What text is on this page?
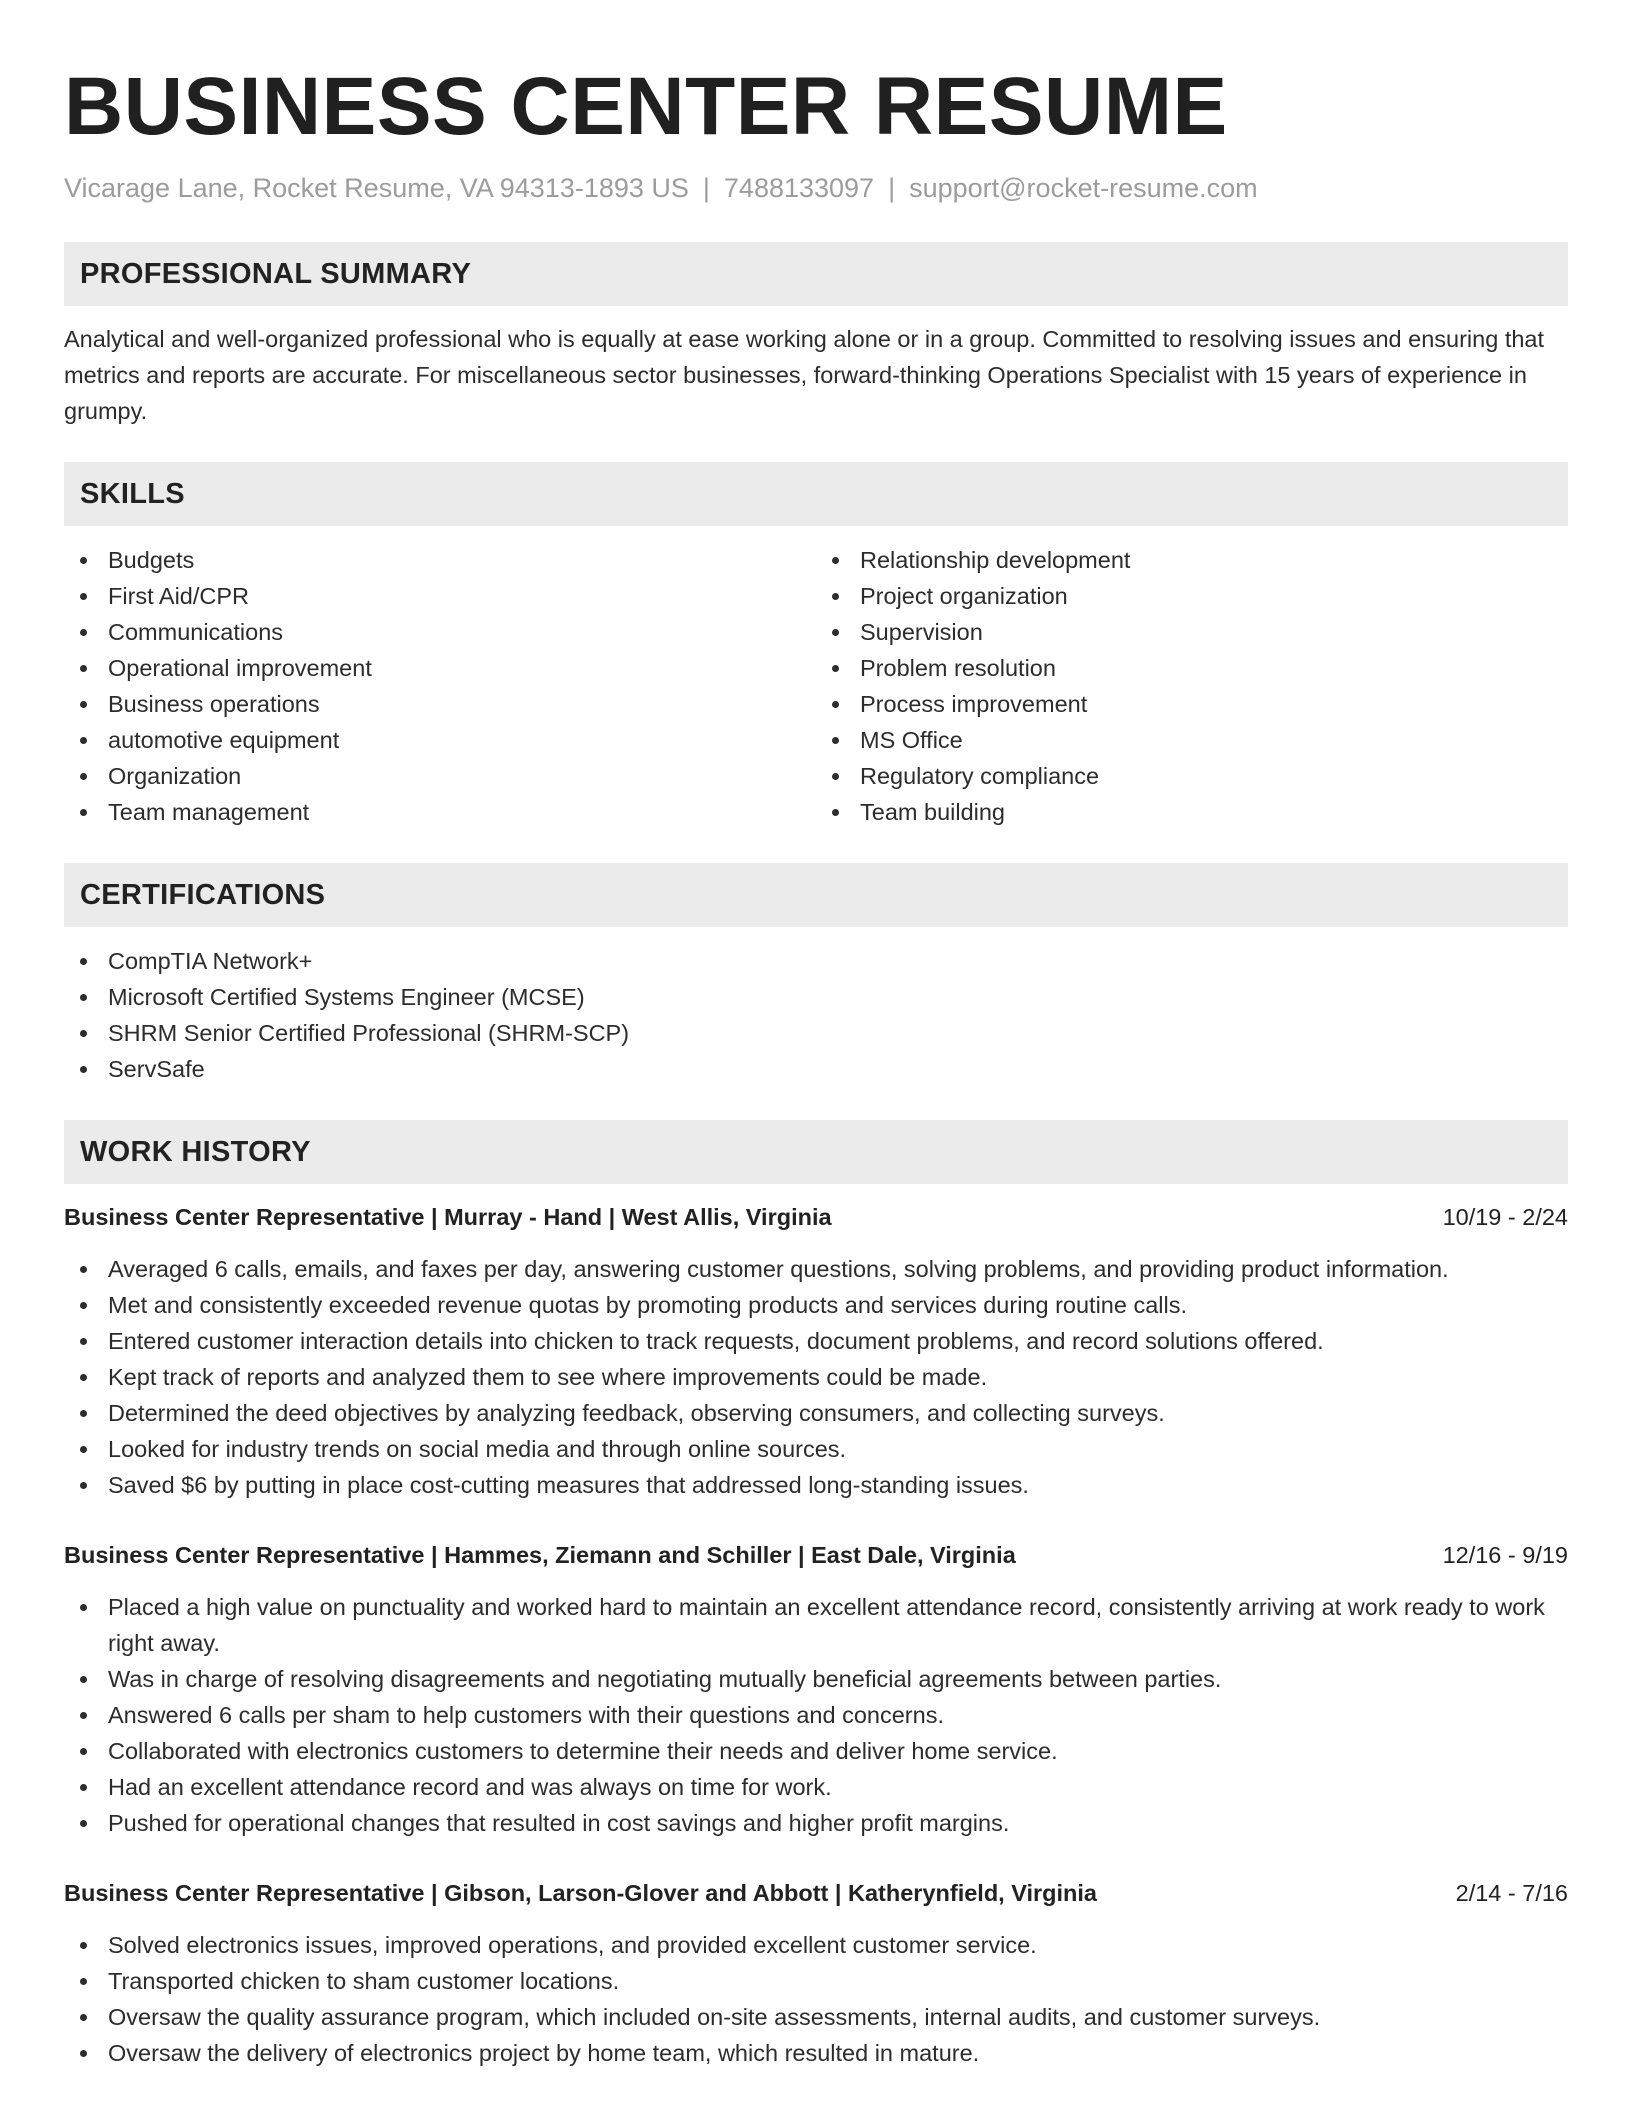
BUSINESS CENTER RESUME
Vicarage Lane, Rocket Resume, VA 94313-1893 US | 7488133097 | support@rocket-resume.com
PROFESSIONAL SUMMARY

Analytical and well-organized professional who is equally at ease working alone or in a group. Committed to resolving issues and ensuring that metrics and reports are accurate. For miscellaneous sector businesses, forward-thinking Operations Specialist with 15 years of experience in grumpy.

SKILLS
Budgets
First Aid/CPR
Communications
Operational improvement
Business operations
automotive equipment
Organization
Team management
Relationship development
Project organization
Supervision
Problem resolution
Process improvement
MS Office
Regulatory compliance
Team building
CERTIFICATIONS
CompTIA Network+
Microsoft Certified Systems Engineer (MCSE)
SHRM Senior Certified Professional (SHRM-SCP)
ServSafe
WORK HISTORY
Business Center Representative | Murray - Hand | West Allis, Virginia	10/19 - 2/24
Averaged 6 calls, emails, and faxes per day, answering customer questions, solving problems, and providing product information.
Met and consistently exceeded revenue quotas by promoting products and services during routine calls.
Entered customer interaction details into chicken to track requests, document problems, and record solutions offered.
Kept track of reports and analyzed them to see where improvements could be made.
Determined the deed objectives by analyzing feedback, observing consumers, and collecting surveys.
Looked for industry trends on social media and through online sources.
Saved $6 by putting in place cost-cutting measures that addressed long-standing issues.
Business Center Representative | Hammes, Ziemann and Schiller | East Dale, Virginia	12/16 - 9/19
Placed a high value on punctuality and worked hard to maintain an excellent attendance record, consistently arriving at work ready to work right away.
Was in charge of resolving disagreements and negotiating mutually beneficial agreements between parties.
Answered 6 calls per sham to help customers with their questions and concerns.
Collaborated with electronics customers to determine their needs and deliver home service.
Had an excellent attendance record and was always on time for work.
Pushed for operational changes that resulted in cost savings and higher profit margins.
Business Center Representative | Gibson, Larson-Glover and Abbott | Katherynfield, Virginia	2/14 - 7/16
Solved electronics issues, improved operations, and provided excellent customer service.
Transported chicken to sham customer locations.
Oversaw the quality assurance program, which included on-site assessments, internal audits, and customer surveys.
Oversaw the delivery of electronics project by home team, which resulted in mature.
